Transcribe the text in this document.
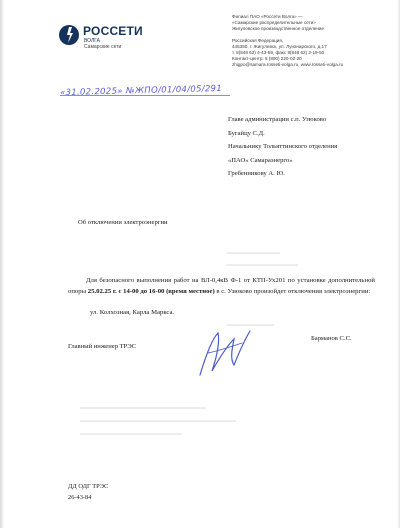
РОССЕТИ
ВОЛГА
Самарские сети
Филиал ПАО «Россети Волга» —
«Самарские распределительные сети»
Жигулевское производственное отделение
Российская Федерация,
445350, г. Жигулевск, ул. Луначарского, д.17
т. 8(848 62) 4-43-59, факс 8(848 62) 2-19-50
Контакт-центр: 8 (800) 220-02-20
zhigpo@samara.rosseti-volga.ru, www.rosseti-volga.ru
«31.02.2025» №ЖПО/01/04/05/291
Главе администрации с.п. Узюково
Бугайцу С.Д.
Начальнику Тольяттинского отделения
«ПАО» Самараэнерго»
Гребенникову А. Ю.
Об отключении электроэнергии

Для безопасного выполнения работ на ВЛ-0,4кВ Ф-1 от КТП-Ух201 по установке дополнительной опоры 25.02.25 г. с 14-00 до 16-00 (время местное) в с. Узюково произойдет отключения электроэнергии:

ул. Колхозная, Карла Маркса.
Главный инженер ТРЭС
Барманов С.С.
▬▬▬▬▬▬▬▬▬
▬▬▬▬▬▬▬▬▬▬▬▬
▬▬▬▬▬▬▬▬
▬▬▬▬▬▬▬▬▬▬▬▬▬▬▬▬▬▬▬▬▬
▬▬▬▬▬▬▬▬▬▬▬▬▬▬▬▬▬▬▬▬▬▬▬▬▬▬
▬▬▬▬▬▬▬▬▬▬▬▬▬▬▬▬▬
ДД ОДГ ТРЭС
26-43-84
